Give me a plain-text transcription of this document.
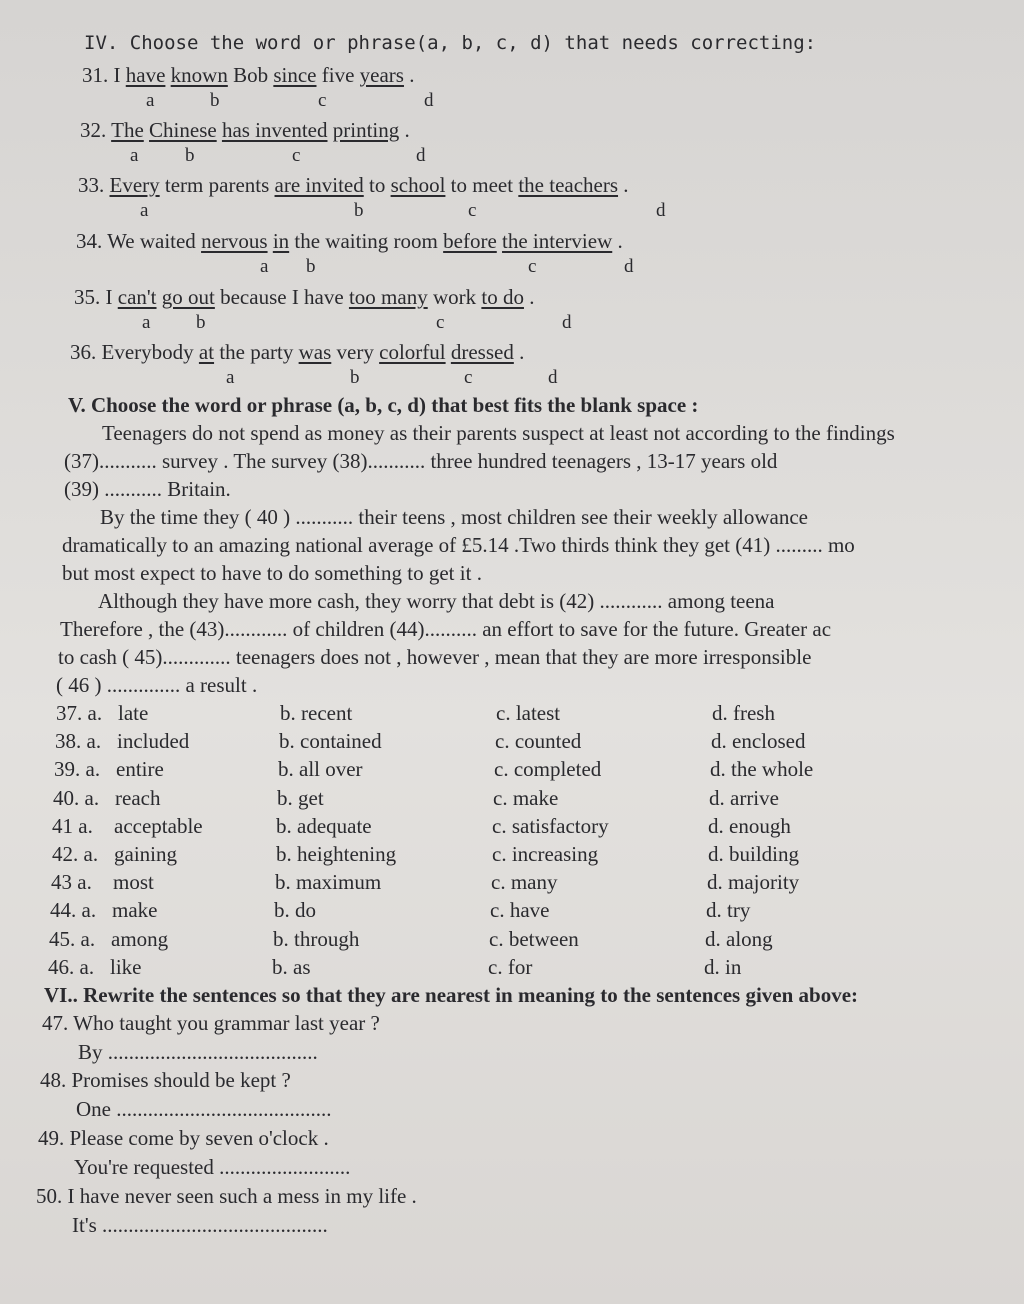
IV. Choose the word or phrase(a, b, c, d) that needs correcting:
31. I have known Bob since five years .
a	b	c	d
32. The Chinese has invented printing .
a b	c	d
33. Every term parents are invited to school to meet the teachers .
a	b	c	d
34. We waited nervous in the waiting room before the interview .
a b	c	d
35. I can't go out because I have too many work to do .
a b	c	d
36. Everybody at the party was very colorful dressed .
a	b	c	d
V. Choose the word or phrase (a, b, c, d) that best fits the blank space :
Teenagers do not spend as money as their parents suspect at least not according to the findings
(37)........... survey . The survey (38)........... three hundred teenagers , 13-17 years old
(39) ........... Britain.
By the time they ( 40 ) ........... their teens , most children see their weekly allowance
dramatically to an amazing national average of £5.14 .Two thirds think they get (41) ......... mo
but most expect to have to do something to get it .
Although they have more cash, they worry that debt is (42) ............ among teena
Therefore , the (43)............ of children (44).......... an effort to save for the future. Greater ac
to cash ( 45)............. teenagers does not , however , mean that they are more irresponsible
( 46 ) .............. a result .
37. a. late	b. recent	c. latest	d. fresh
38. a. included	b. contained	c. counted	d. enclosed
39. a. entire	b. all over	c. completed	d. the whole
40. a. reach	b. get	c. make	d. arrive
41 a. acceptable	b. adequate	c. satisfactory	d. enough
42. a. gaining	b. heightening	c. increasing	d. building
43 a. most	b. maximum	c. many	d. majority
44. a. make	b. do	c. have	d. try
45. a. among	b. through	c. between	d. along
46. a. like	b. as	c. for	d. in
VI.. Rewrite the sentences so that they are nearest in meaning to the sentences given above:
47. Who taught you grammar last year ?
By ........................................
48. Promises should be kept ?
One .........................................
49. Please come by seven o'clock .
You're requested .........................
50. I have never seen such a mess in my life .
It's ...........................................
